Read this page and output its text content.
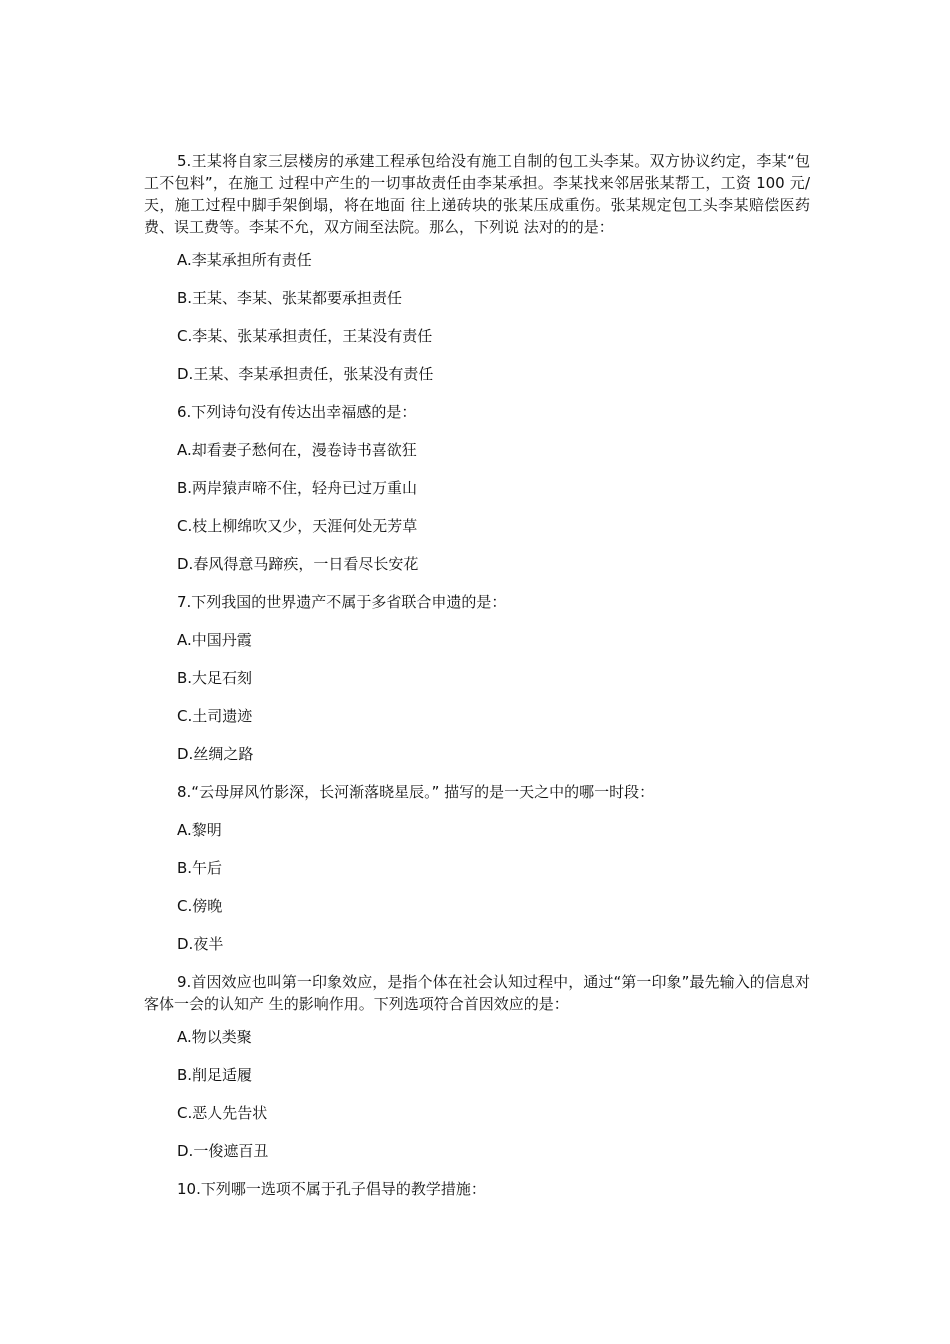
5.王某将自家三层楼房的承建工程承包给没有施工自制的包工头李某。双方协议约定，李某“包工不包料”，在施工 过程中产生的一切事故责任由李某承担。李某找来邻居张某帮工，工资 100 元/天，施工过程中脚手架倒塌，将在地面 往上递砖块的张某压成重伤。张某规定包工头李某赔偿医药费、误工费等。李某不允，双方闹至法院。那么，下列说 法对的的是：

A.李某承担所有责任
B.王某、李某、张某都要承担责任
C.李某、张某承担责任，王某没有责任
D.王某、李某承担责任，张某没有责任
6.下列诗句没有传达出幸福感的是：
A.却看妻子愁何在，漫卷诗书喜欲狂
B.两岸猿声啼不住，轻舟已过万重山
C.枝上柳绵吹又少，天涯何处无芳草
D.春风得意马蹄疾，一日看尽长安花
7.下列我国的世界遗产不属于多省联合申遗的是：
A.中国丹霞
B.大足石刻
C.土司遗迹
D.丝绸之路
8.“云母屏风竹影深，长河渐落晓星辰。” 描写的是一天之中的哪一时段：
A.黎明
B.午后
C.傍晚
D.夜半

9.首因效应也叫第一印象效应，是指个体在社会认知过程中，通过“第一印象”最先输入的信息对客体一会的认知产 生的影响作用。下列选项符合首因效应的是：

A.物以类聚
B.削足适履
C.恶人先告状
D.一俊遮百丑
10.下列哪一选项不属于孔子倡导的教学措施：
